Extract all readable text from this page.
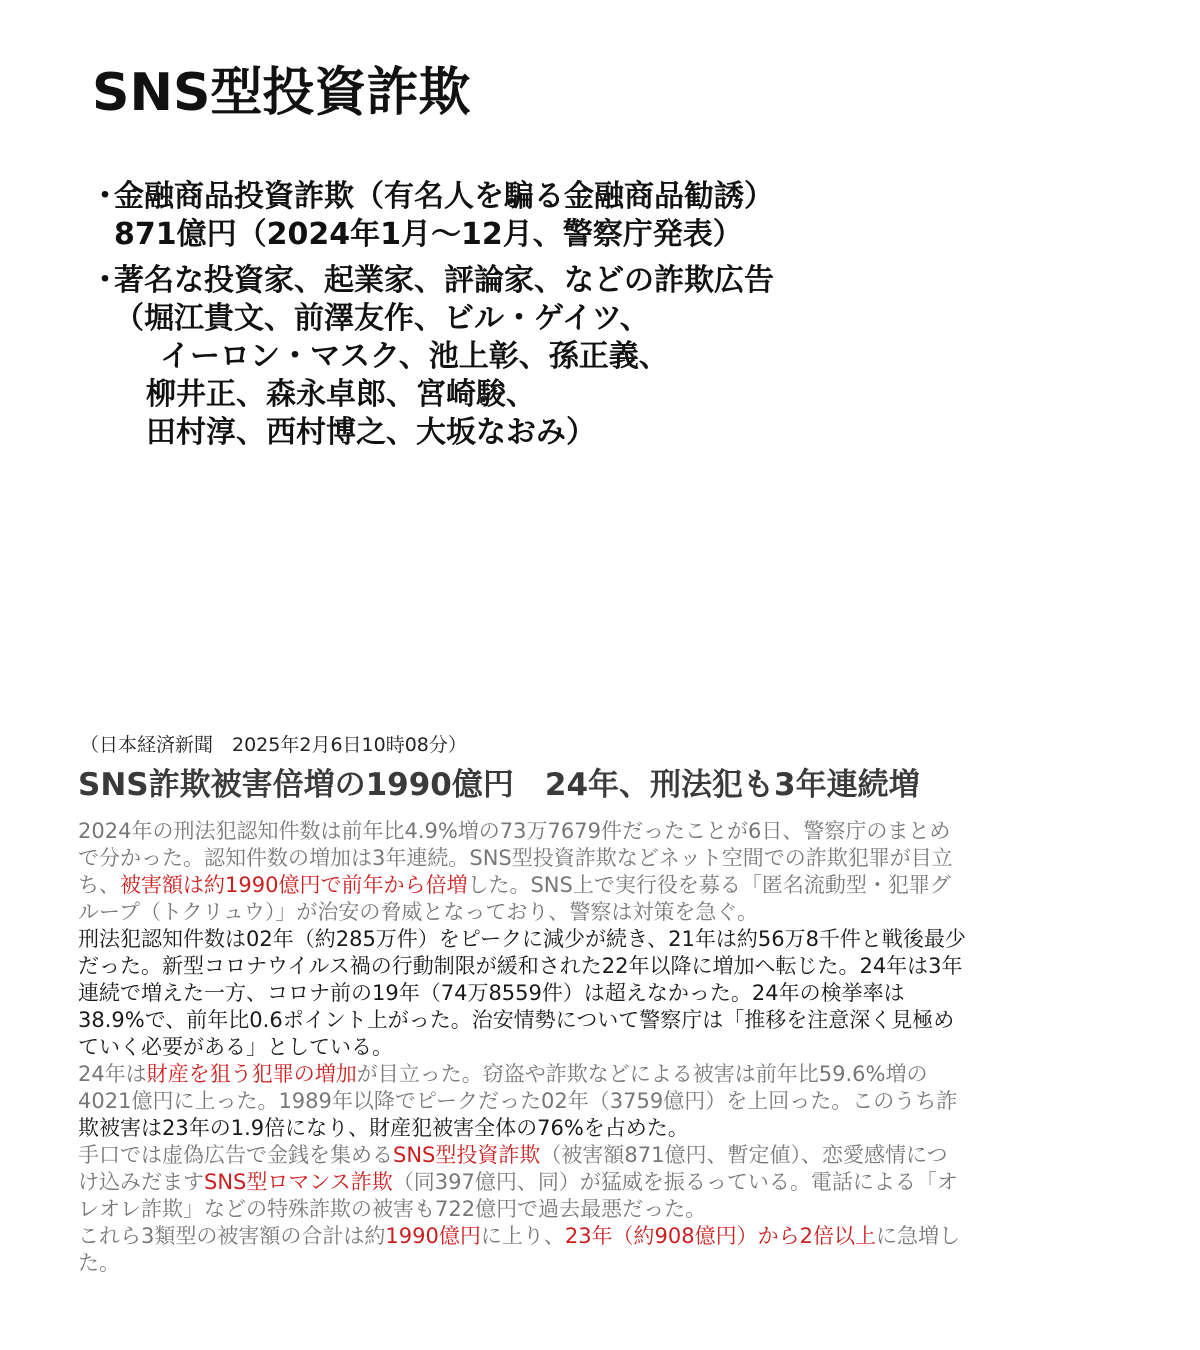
SNS型投資詐欺
・
金融商品投資詐欺（有名人を騙る金融商品勧誘）
871億円（2024年1月～12月、警察庁発表）
・
著名な投資家、起業家、評論家、などの詐欺広告
（堀江貴文、前澤友作、ビル・ゲイツ、
イーロン・マスク、池上彰、孫正義、
柳井正、森永卓郎、宮崎駿、
田村淳、西村博之、大坂なおみ）
（日本経済新聞　2025年2月6日10時08分）
SNS詐欺被害倍増の1990億円　24年、刑法犯も3年連続増
2024年の刑法犯認知件数は前年比4.9%増の73万7679件だったことが6日、警察庁のまとめ
で分かった。認知件数の増加は3年連続。SNS型投資詐欺などネット空間での詐欺犯罪が目立
ち、被害額は約1990億円で前年から倍増した。SNS上で実行役を募る「匿名流動型・犯罪グ
ループ（トクリュウ）」が治安の脅威となっており、警察は対策を急ぐ。
刑法犯認知件数は02年（約285万件）をピークに減少が続き、21年は約56万8千件と戦後最少
だった。新型コロナウイルス禍の行動制限が緩和された22年以降に増加へ転じた。24年は3年
連続で増えた一方、コロナ前の19年（74万8559件）は超えなかった。24年の検挙率は
38.9%で、前年比0.6ポイント上がった。治安情勢について警察庁は「推移を注意深く見極め
ていく必要がある」としている。
24年は財産を狙う犯罪の増加が目立った。窃盗や詐欺などによる被害は前年比59.6%増の
4021億円に上った。1989年以降でピークだった02年（3759億円）を上回った。このうち詐
欺被害は23年の1.9倍になり、財産犯被害全体の76%を占めた。
手口では虚偽広告で金銭を集めるSNS型投資詐欺（被害額871億円、暫定値）、恋愛感情につ
け込みだますSNS型ロマンス詐欺（同397億円、同）が猛威を振るっている。電話による「オ
レオレ詐欺」などの特殊詐欺の被害も722億円で過去最悪だった。
これら3類型の被害額の合計は約1990億円に上り、23年（約908億円）から2倍以上に急増し
た。
